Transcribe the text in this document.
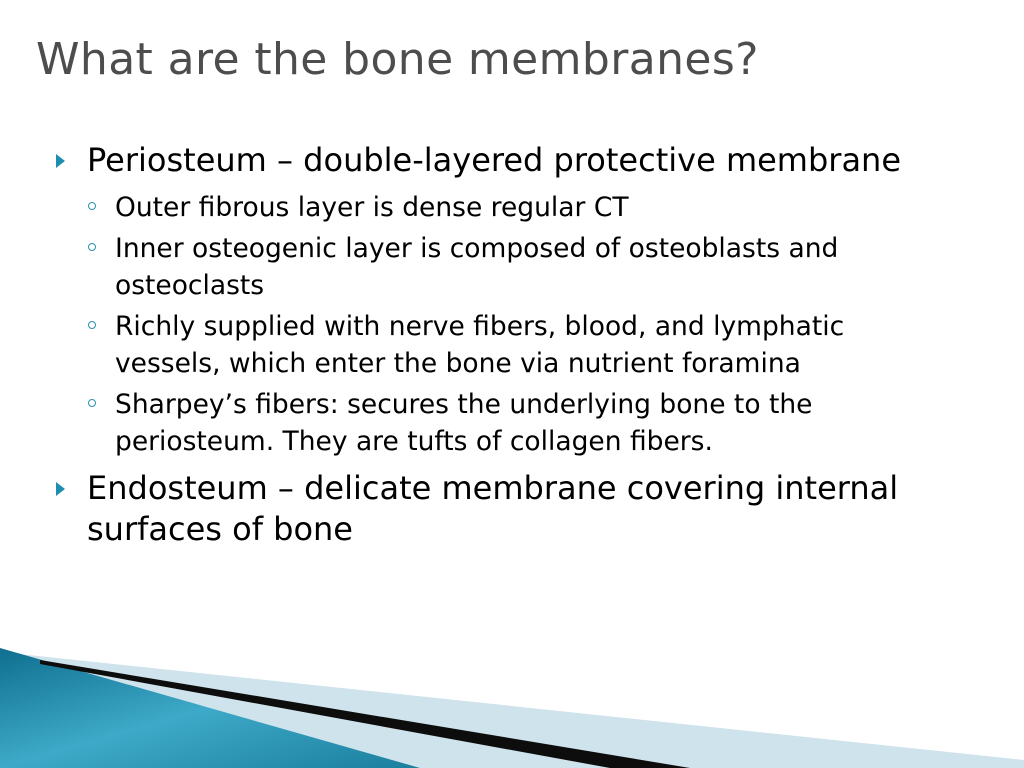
What are the bone membranes?
Periosteum – double-layered protective membrane
Outer fibrous layer is dense regular CT
Inner osteogenic layer is composed of osteoblasts and osteoclasts
Richly supplied with nerve fibers, blood, and lymphatic vessels, which enter the bone via nutrient foramina
Sharpey’s fibers: secures the underlying bone to the periosteum. They are tufts of collagen fibers.
Endosteum – delicate membrane covering internal surfaces of bone
